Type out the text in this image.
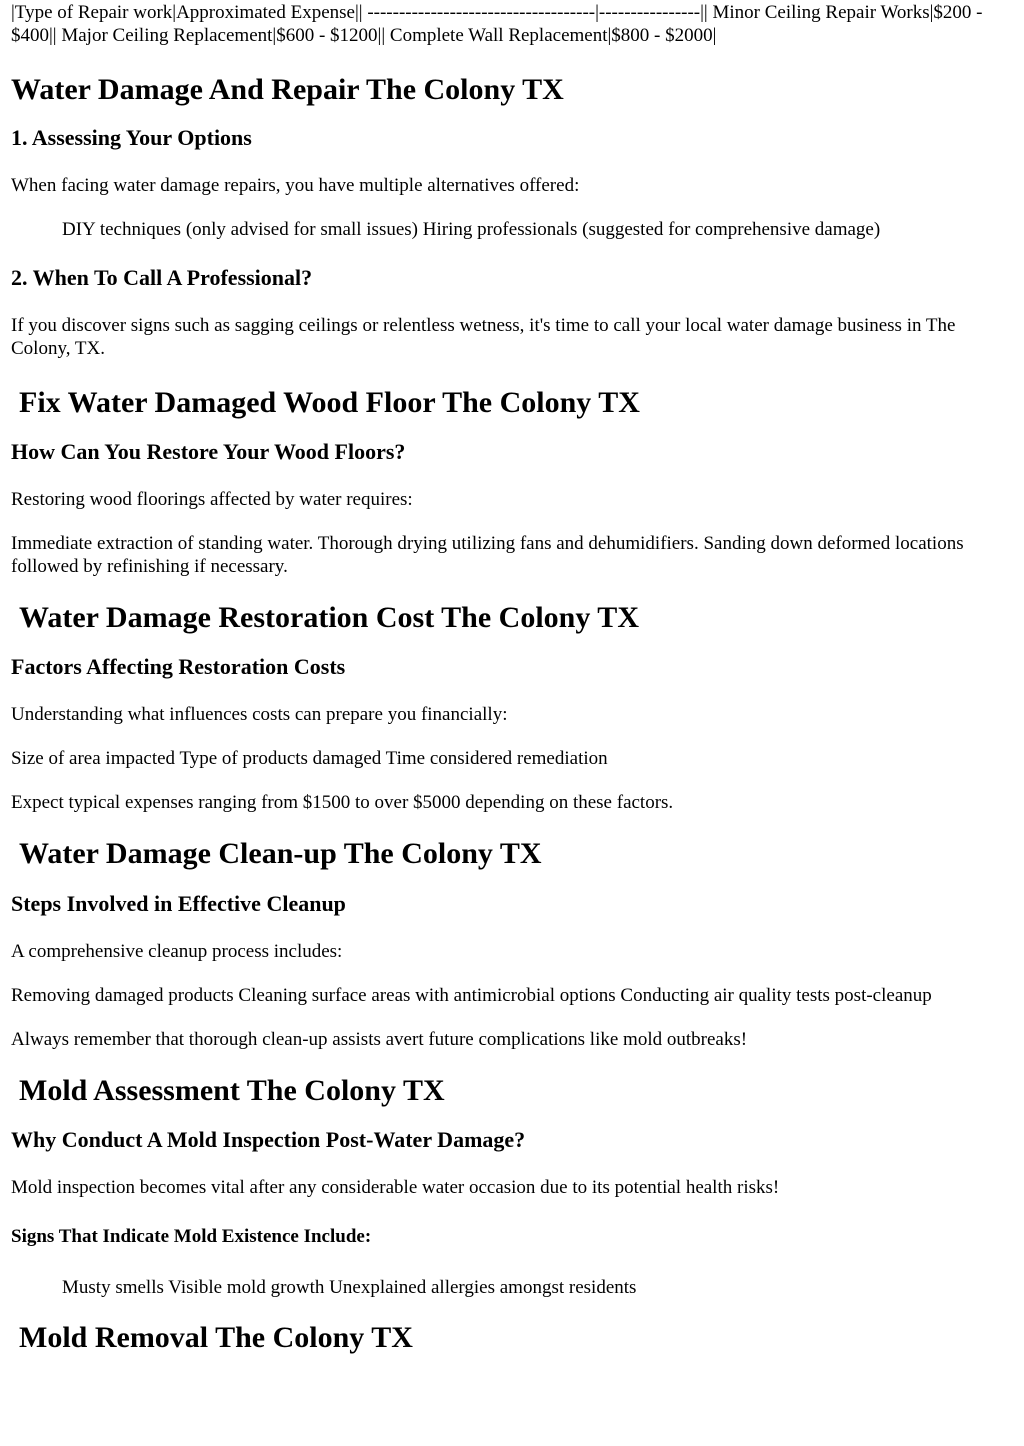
|Type of Repair work|Approximated Expense|| ------------------------------------|----------------|| Minor Ceiling Repair Works|$200 - $400|| Major Ceiling Replacement|$600 - $1200|| Complete Wall Replacement|$800 - $2000|
Water Damage And Repair The Colony TX
1. Assessing Your Options

When facing water damage repairs, you have multiple alternatives offered:

DIY techniques (only advised for small issues) Hiring professionals (suggested for comprehensive damage)
2. When To Call A Professional?

If you discover signs such as sagging ceilings or relentless wetness, it's time to call your local water damage business in The Colony, TX.

Fix Water Damaged Wood Floor The Colony TX
How Can You Restore Your Wood Floors?

Restoring wood floorings affected by water requires:

Immediate extraction of standing water. Thorough drying utilizing fans and dehumidifiers. Sanding down deformed locations followed by refinishing if necessary.

Water Damage Restoration Cost The Colony TX
Factors Affecting Restoration Costs

Understanding what influences costs can prepare you financially:

Size of area impacted Type of products damaged Time considered remediation

Expect typical expenses ranging from $1500 to over $5000 depending on these factors.

Water Damage Clean-up The Colony TX
Steps Involved in Effective Cleanup

A comprehensive cleanup process includes:

Removing damaged products Cleaning surface areas with antimicrobial options Conducting air quality tests post-cleanup

Always remember that thorough clean-up assists avert future complications like mold outbreaks!

Mold Assessment The Colony TX
Why Conduct A Mold Inspection Post-Water Damage?

Mold inspection becomes vital after any considerable water occasion due to its potential health risks!

Signs That Indicate Mold Existence Include:
Musty smells Visible mold growth Unexplained allergies amongst residents
Mold Removal The Colony TX
